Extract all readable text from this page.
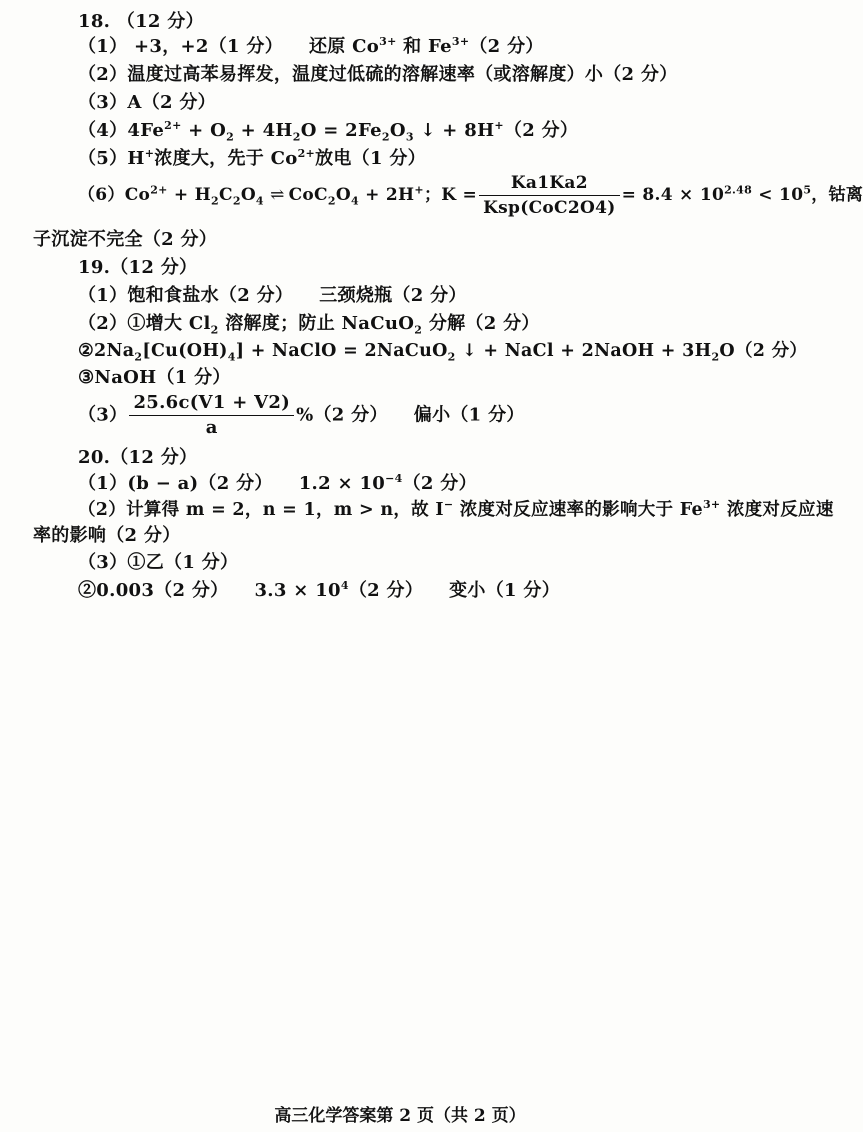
18. （12 分）
（1） +3，+2（1 分） 还原 $Co^{3+}$ 和 $Fe^{3+}(2$ 分）
（2）温度过高苯易挥发，温度过低硫的溶解速率（或溶解度）小（2 分）
（3）A（2 分）
$(4)4Fe^{2+} + O_2 + 4H_2O = 2Fe_2O_3$ ↓ + 8H+（2 分）
（5）H+浓度大，先于 $Co^{2+}$放电（1 分）
$(6)Co^{2+} + H_2C_2O_4$ ⇌ $CoC_2O_4 + 2H^+$；$K = \frac{Ka1Ka2}{\text{Ksp(CoC2O4)}} = 8.4 \times 10^{2.48} < 10^5$，钴离
子沉淀不完全（2 分）
19.（12 分）
（1）饱和食盐水（2 分） 三颈烧瓶（2 分）
（2）①增大 $Cl_2$ 溶解度；防止 NaCuO$_2$ 分解（2 分）
$②2Na_2[Cu(OH)_4]$ + NaClO = 2NaCuO$_2$ ↓ + NaCl + 2NaOH + $3H_2O(2$ 分）
③NaOH（1 分）
$(3) \frac{25.6c(V1 + V2)}{a} \%(2$ 分） 偏小（1 分）
20.（12 分）
（1）(b − a)（2 分） $1.2 \times 10^{-4}(2$ 分）
（2）计算得 m = 2，n = 1，m > n，故 I− 浓度对反应速率的影响大于 $Fe^{3+}$ 浓度对反应速
率的影响（2 分）
（3）①乙（1 分）
②0.003（2 分） $3.3 \times 10^4(2$ 分） 变小（1 分）
高三化学答案第 2 页（共 2 页）
